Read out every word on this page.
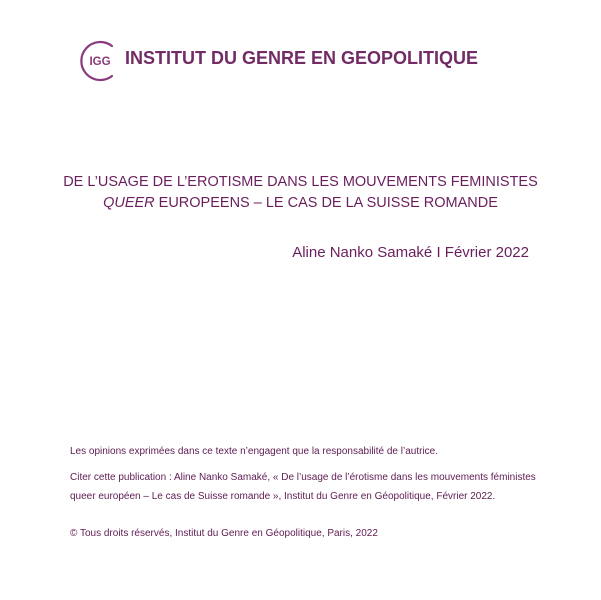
IGG INSTITUT DU GENRE EN GEOPOLITIQUE
DE L’USAGE DE L’EROTISME DANS LES MOUVEMENTS FEMINISTES
QUEER EUROPEENS – LE CAS DE LA SUISSE ROMANDE
Aline Nanko Samaké I Février 2022

Les opinions exprimées dans ce texte n’engagent que la responsabilité de l’autrice.

Citer cette publication : Aline Nanko Samaké, « De l’usage de l’érotisme dans les mouvements féministes queer européen – Le cas de Suisse romande », Institut du Genre en Géopolitique, Février 2022.

© Tous droits réservés, Institut du Genre en Géopolitique, Paris, 2022
